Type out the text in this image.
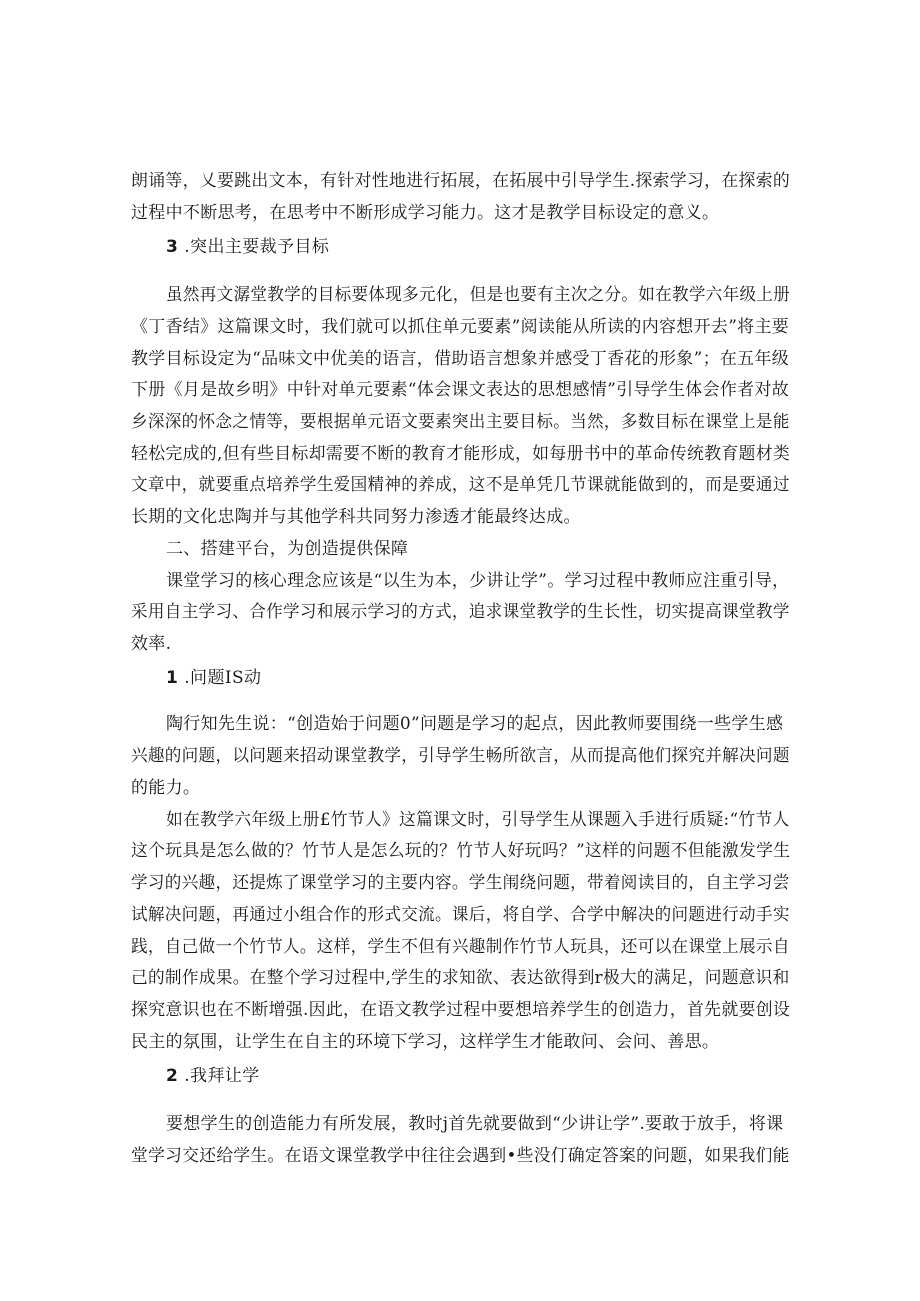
朗诵等，乂要跳出文本，有针对性地进行拓展，在拓展中引导学生.探索学习，在探索的
过程中不断思考，在思考中不断形成学习能力。这才是教学目标设定的意义。
3 .突出主要裁予目标
虽然再文潺堂教学的目标要体现多元化，但是也要有主次之分。如在教学六年级上册
《丁香结》这篇课文时，我们就可以抓住单元要素”阅读能从所读的内容想开去”将主要
教学目标设定为“品味文中优美的语言，借助语言想象并感受丁香花的形象”；在五年级
下册《月是故乡明》中针对单元要素“体会课文表达的思想感情”引导学生体会作者对故
乡深深的怀念之情等，要根据单元语文要素突出主要目标。当然，多数目标在课堂上是能
轻松完成的,但有些目标却需要不断的教育才能形成，如每册书中的革命传统教育题材类
文章中，就要重点培养学生爱国精神的养成，这不是单凭几节课就能做到的，而是要通过
长期的文化忠陶并与其他学科共同努力渗透才能最终达成。
二、搭建平台，为创造提供保障
课堂学习的核心理念应该是“以生为本，少讲让学”。学习过程中教师应注重引导，
采用自主学习、合作学习和展示学习的方式，追求课堂教学的生长性，切实提高课堂教学
效率.
1 .问题IS动
陶行知先生说：“创造始于问题0”问题是学习的起点，因此教师要围绕一些学生感
兴趣的问题，以问题来招动课堂教学，引导学生畅所欲言，从而提高他们探究并解决问题
的能力。
如在教学六年级上册£竹节人》这篇课文时，引导学生从课题入手进行质疑:“竹节人
这个玩具是怎么做的？竹节人是怎么玩的？竹节人好玩吗？”这样的问题不但能激发学生
学习的兴趣，还提炼了课堂学习的主要内容。学生闱绕问题，带着阅读目的，自主学习尝
试解决问题，再通过小组合作的形式交流。课后，将自学、合学中解决的问题进行动手实
践，自己做一个竹节人。这样，学生不但有兴趣制作竹节人玩具，还可以在课堂上展示自
己的制作成果。在整个学习过程中,学生的求知欲、表达欲得到r极大的满足，问题意识和
探究意识也在不断增强.因此，在语文教学过程中要想培养学生的创造力，首先就要创设
民主的氛围，让学生在自主的环境下学习，这样学生才能敢问、会问、善思。
2 .我拜让学
要想学生的创造能力有所发展，教时j首先就要做到“少讲让学”.要敢于放手，将课
堂学习交还给学生。在语文课堂教学中往往会遇到•些没仃确定答案的问题，如果我们能
